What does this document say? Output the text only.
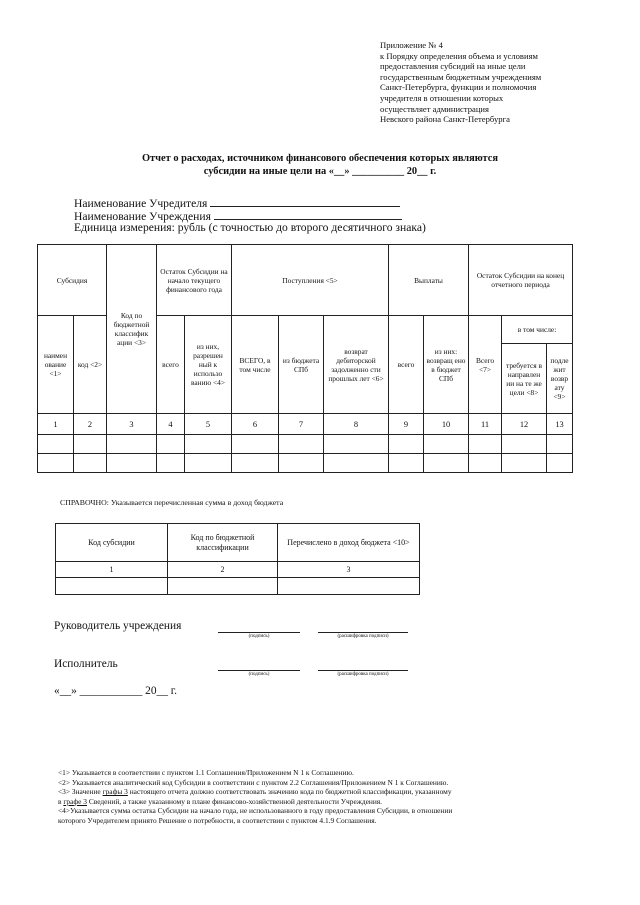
Приложение № 4
к Порядку определения объема и условиям
предоставления субсидий на иные цели
государственным бюджетным учреждениям
Санкт-Петербурга, функции и полномочия
учредителя в отношении которых
осуществляет администрация
Невского района Санкт-Петербурга
Отчет о расходах, источником финансового обеспечения которых являются
субсидии на иные цели на «__» __________ 20__ г.
Наименование Учредителя
Наименование Учреждения
Единица измерения: рубль (с точностью до второго десятичного знака)
Субсидия		Код по бюджетной классифик ации <3>	Остаток Субсидии на начало текущего финансового года		Поступления <5>			Выплаты		Остаток Субсидии на конец отчетного периода		
наимен ование <1>	код <2>		всего	из них, разрешен ный к использо ванию <4>	ВСЕГО, в том числе	из бюджета СПб	возврат дебиторской задолженно сти прошлых лет <6>	всего	из них: возвращ ено в бюджет СПб	Всего <7>	в том числе:	
											требуется в направлен ии на те же цели <8>	подле жит возвр ату <9>
1	2	3	4	5	6	7	8	9	10	11	12	13

СПРАВОЧНО: Указывается перечисленная сумма в доход бюджета
Код субсидии	Код по бюджетной классификации	Перечислено в доход бюджета <10>
1	2	3

Руководитель учреждения
(подпись)	(расшифровка подписи)
Исполнитель
(подпись)	(расшифровка подписи)
«__» ___________ 20__ г.
<1> Указывается в соответствии с пунктом 1.1 Соглашения/Приложением N 1 к Соглашению.
<2> Указывается аналитический код Субсидии в соответствии с пунктом 2.2 Соглашения/Приложением N 1 к Соглашению.
<3> Значение графы 3 настоящего отчета должно соответствовать значению кода по бюджетной классификации, указанному
в графе 3 Сведений, а также указанному в плане финансово-хозяйственной деятельности Учреждения.
<4>Указывается сумма остатка Субсидии на начало года, не использованного в году предоставления Субсидии, в отношении
которого Учредителем принято Решение о потребности, в соответствии с пунктом 4.1.9 Соглашения.
